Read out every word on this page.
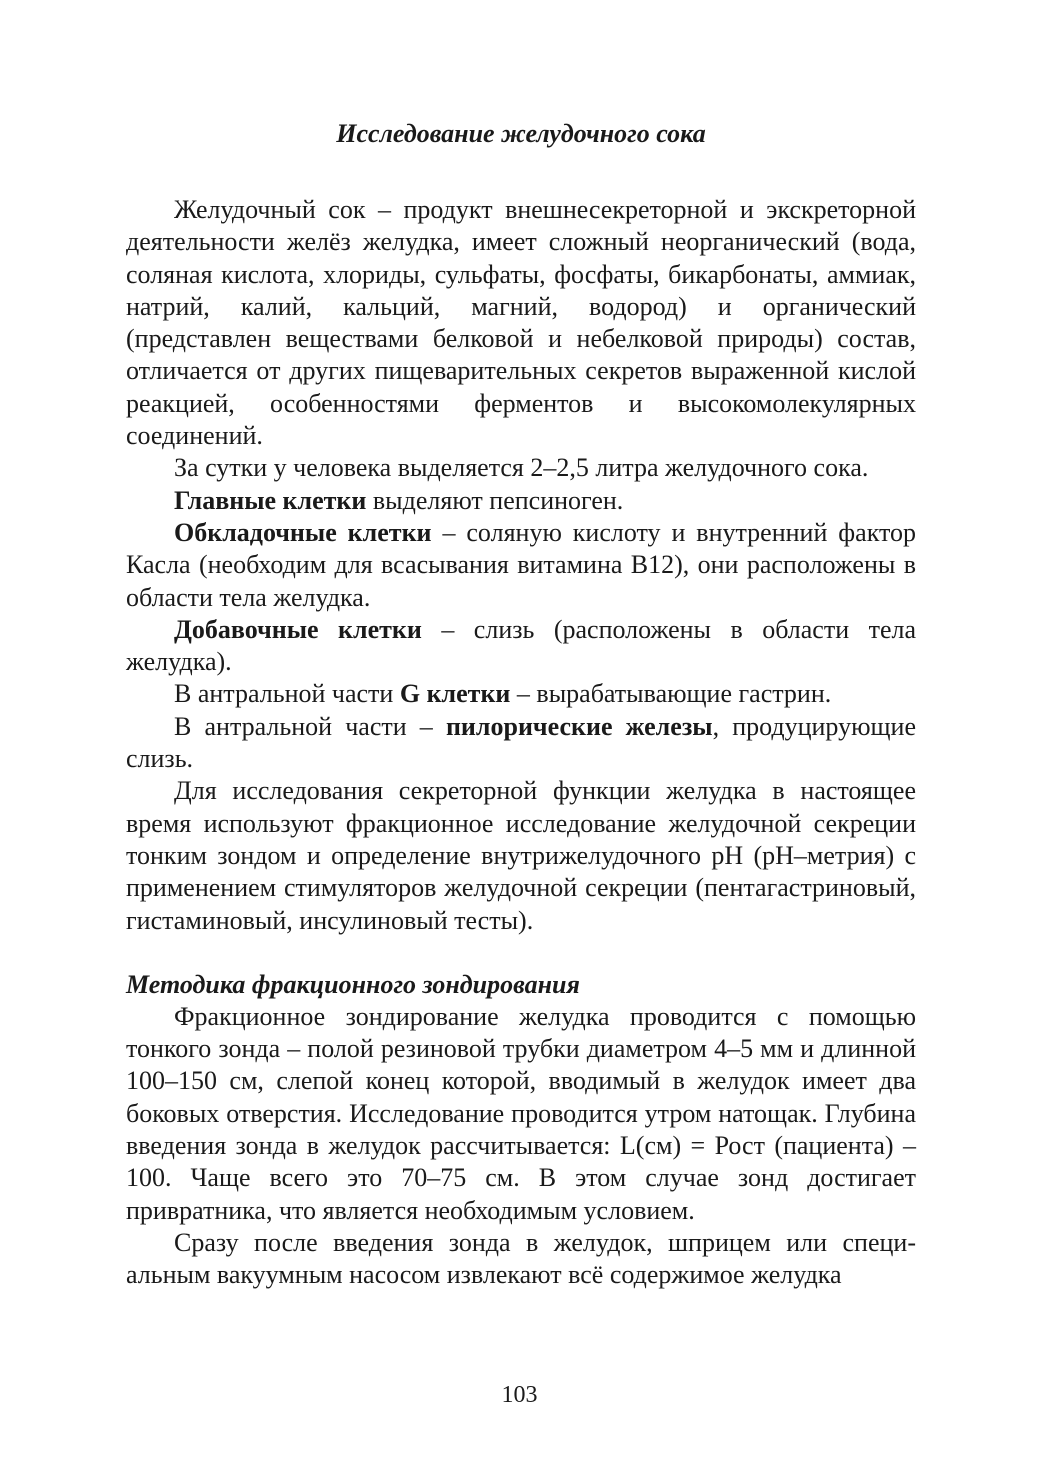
Исследование желудочного сока

Желудочный сок – продукт внешнесекреторной и экскреторной деятельности желёз желудка, имеет сложный неорганический (вода, соляная кислота, хлориды, сульфаты, фосфаты, бикарбонаты, аммиак, натрий, калий, кальций, магний, водород) и органический (представлен веществами белковой и небелковой природы) состав, отличается от других пищеварительных секретов выраженной кислой реакцией, особенностями ферментов и высокомолекулярных соединений.

За сутки у человека выделяется 2–2,5 литра желудочного сока.

Главные клетки выделяют пепсиноген.

Обкладочные клетки – соляную кислоту и внутренний фактор Касла (необходим для всасывания витамина В12), они расположены в области тела желудка.

Добавочные клетки – слизь (расположены в области тела желудка).

В антральной части G клетки – вырабатывающие гастрин.

В антральной части – пилорические железы, продуцирующие слизь.

Для исследования секреторной функции желудка в настоящее время используют фракционное исследование желудочной секреции тонким зондом и определение внутрижелудочного pH (pH–метрия) с применением стимуляторов желудочной секреции (пентагастриновый, гистаминовый, инсулиновый тесты).

Методика фракционного зондирования

Фракционное зондирование желудка проводится с помощью тонкого зонда – полой резиновой трубки диаметром 4–5 мм и длинной 100–150 см, слепой конец которой, вводимый в желудок имеет два боковых отверстия. Исследование проводится утром натощак. Глубина введения зонда в желудок рассчитывается: L(см) = Рост (пациента) – 100. Чаще всего это 70–75 см. В этом случае зонд достигает привратника, что является необходимым условием.

Сразу после введения зонда в желудок, шприцем или специальным вакуумным насосом извлекают всё содержимое желудка

103
